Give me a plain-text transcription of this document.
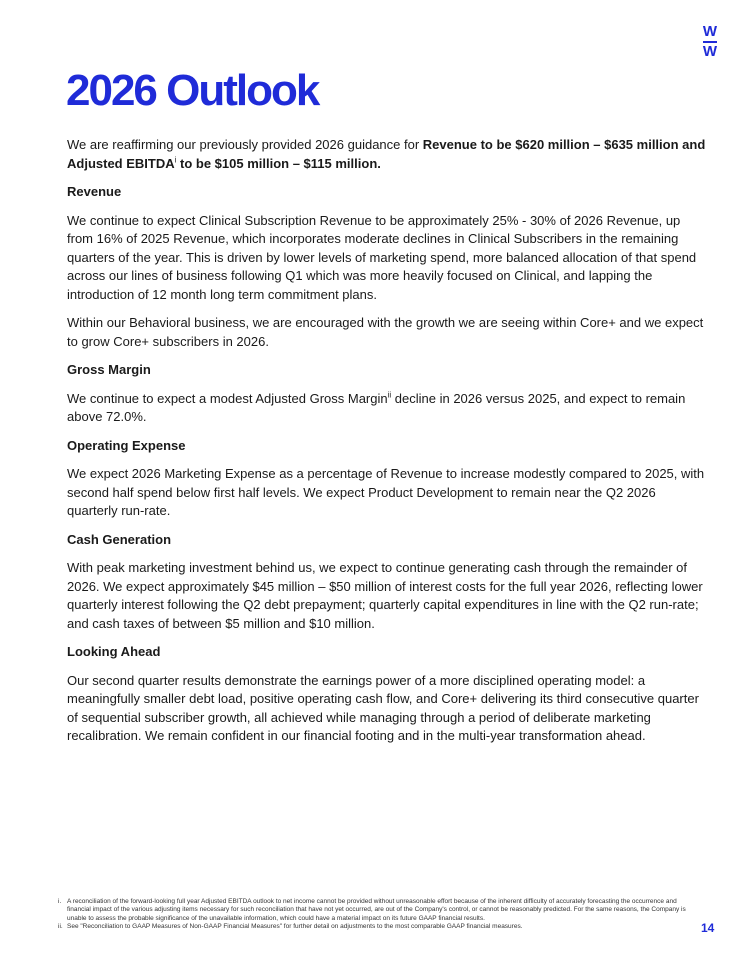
W
W
2026 Outlook

We are reaffirming our previously provided 2026 guidance for Revenue to be $620 million – $635 million and Adjusted EBITDA$^i$ to be $105 million – $115 million.

Revenue

We continue to expect Clinical Subscription Revenue to be approximately 25% - 30% of 2026 Revenue, up from 16% of 2025 Revenue, which incorporates moderate declines in Clinical Subscribers in the remaining quarters of the year. This is driven by lower levels of marketing spend, more balanced allocation of that spend across our lines of business following Q1 which was more heavily focused on Clinical, and lapping the introduction of 12 month long term commitment plans.

Within our Behavioral business, we are encouraged with the growth we are seeing within Core+ and we expect to grow Core+ subscribers in 2026.

Gross Margin

We continue to expect a modest Adjusted Gross Margin$^{ii}$ decline in 2026 versus 2025, and expect to remain above 72.0%.

Operating Expense

We expect 2026 Marketing Expense as a percentage of Revenue to increase modestly compared to 2025, with second half spend below first half levels. We expect Product Development to remain near the Q2 2026 quarterly run-rate.

Cash Generation

With peak marketing investment behind us, we expect to continue generating cash through the remainder of 2026. We expect approximately $45 million – $50 million of interest costs for the full year 2026, reflecting lower quarterly interest following the Q2 debt prepayment; quarterly capital expenditures in line with the Q2 run-rate; and cash taxes of between $5 million and $10 million.

Looking Ahead

Our second quarter results demonstrate the earnings power of a more disciplined operating model: a meaningfully smaller debt load, positive operating cash flow, and Core+ delivering its third consecutive quarter of sequential subscriber growth, all achieved while managing through a period of deliberate marketing recalibration. We remain confident in our financial footing and in the multi-year transformation ahead.

i. A reconciliation of the forward-looking full year Adjusted EBITDA outlook to net income cannot be provided without unreasonable effort because of the inherent difficulty of accurately forecasting the occurrence and financial impact of the various adjusting items necessary for such reconciliation that have not yet occurred, are out of the Company's control, or cannot be reasonably predicted. For the same reasons, the Company is unable to assess the probable significance of the unavailable information, which could have a material impact on its future GAAP financial results.
ii. See "Reconciliation to GAAP Measures of Non-GAAP Financial Measures" for further detail on adjustments to the most comparable GAAP financial measures.	14
